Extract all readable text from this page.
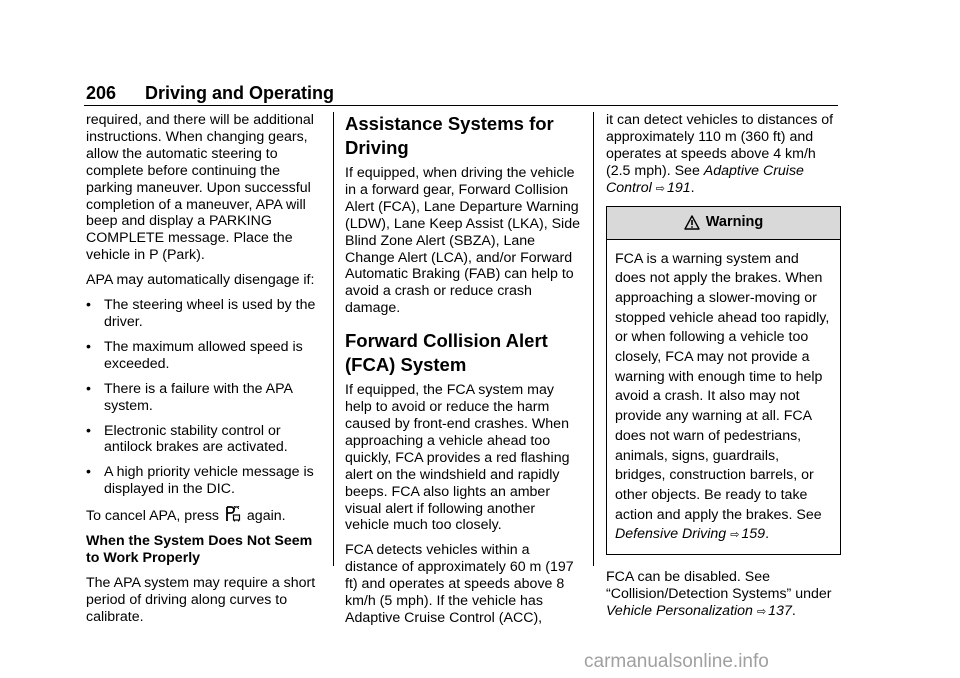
206 Driving and Operating

required, and there will be additional instructions. When changing gears, allow the automatic steering to complete before continuing the parking maneuver. Upon successful completion of a maneuver, APA will beep and display a PARKING COMPLETE message. Place the vehicle in P (Park).

APA may automatically disengage if:

• The steering wheel is used by the driver.
• The maximum allowed speed is exceeded.
• There is a failure with the APA system.
• Electronic stability control or antilock brakes are activated.
• A high priority vehicle message is displayed in the DIC.

To cancel APA, press again.

When the System Does Not Seem to Work Properly

The APA system may require a short period of driving along curves to calibrate.

Assistance Systems for Driving

If equipped, when driving the vehicle in a forward gear, Forward Collision Alert (FCA), Lane Departure Warning (LDW), Lane Keep Assist (LKA), Side Blind Zone Alert (SBZA), Lane Change Alert (LCA), and/or Forward Automatic Braking (FAB) can help to avoid a crash or reduce crash damage.

Forward Collision Alert (FCA) System

If equipped, the FCA system may help to avoid or reduce the harm caused by front-end crashes. When approaching a vehicle ahead too quickly, FCA provides a red flashing alert on the windshield and rapidly beeps. FCA also lights an amber visual alert if following another vehicle much too closely.

FCA detects vehicles within a distance of approximately 60 m (197 ft) and operates at speeds above 8 km/h (5 mph). If the vehicle has Adaptive Cruise Control (ACC),

it can detect vehicles to distances of approximately 110 m (360 ft) and operates at speeds above 4 km/h (2.5 mph). See Adaptive Cruise Control ⇨ 191.

Warning
FCA is a warning system and does not apply the brakes. When approaching a slower-moving or stopped vehicle ahead too rapidly, or when following a vehicle too closely, FCA may not provide a warning with enough time to help avoid a crash. It also may not provide any warning at all. FCA does not warn of pedestrians, animals, signs, guardrails, bridges, construction barrels, or other objects. Be ready to take action and apply the brakes. See Defensive Driving ⇨ 159.

FCA can be disabled. See “Collision/Detection Systems” under Vehicle Personalization ⇨ 137.

carmanualsonline.info
